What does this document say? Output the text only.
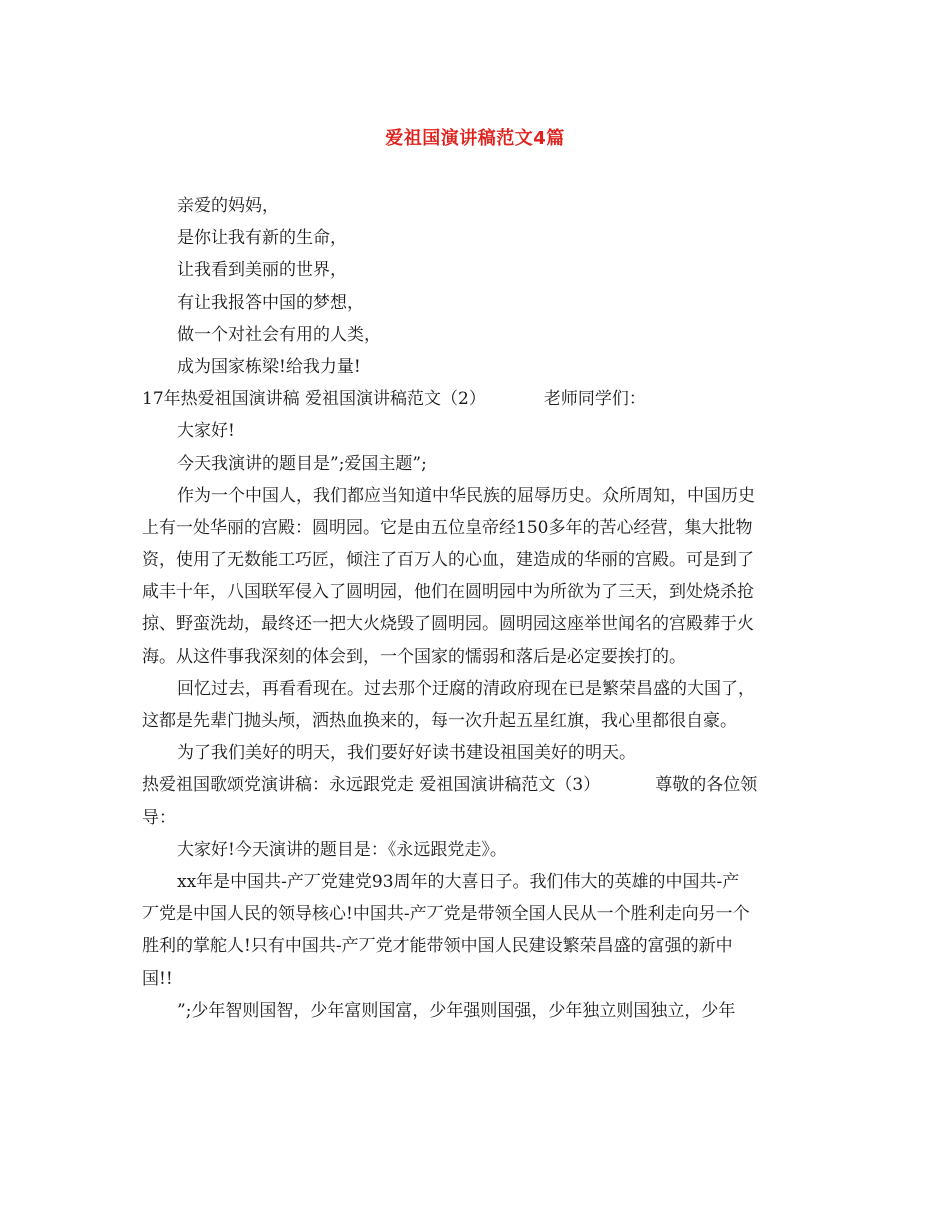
爱祖国演讲稿范文4篇
亲爱的妈妈，
是你让我有新的生命，
让我看到美丽的世界，
有让我报答中国的梦想，
做一个对社会有用的人类，
成为国家栋梁!给我力量!
17年热爱祖国演讲稿 爱祖国演讲稿范文（2）	老师同学们：
大家好!
今天我演讲的题目是”;爱国主题”;
作为一个中国人，我们都应当知道中华民族的屈辱历史。众所周知，中国历史
上有一处华丽的宫殿：圆明园。它是由五位皇帝经150多年的苦心经营，集大批物
资，使用了无数能工巧匠，倾注了百万人的心血，建造成的华丽的宫殿。可是到了
咸丰十年，八国联军侵入了圆明园，他们在圆明园中为所欲为了三天，到处烧杀抢
掠、野蛮洗劫，最终还一把大火烧毁了圆明园。圆明园这座举世闻名的宫殿葬于火
海。从这件事我深刻的体会到，一个国家的懦弱和落后是必定要挨打的。
回忆过去，再看看现在。过去那个迂腐的清政府现在已是繁荣昌盛的大国了，
这都是先辈门抛头颅，洒热血换来的，每一次升起五星红旗，我心里都很自豪。
为了我们美好的明天，我们要好好读书建设祖国美好的明天。
热爱祖国歌颂党演讲稿：永远跟党走 爱祖国演讲稿范文（3）	尊敬的各位领
导：
大家好!今天演讲的题目是：《永远跟党走》。
xx年是中国共-产丆党建党93周年的大喜日子。我们伟大的英雄的中国共-产
丆党是中国人民的领导核心!中国共-产丆党是带领全国人民从一个胜利走向另一个
胜利的掌舵人!只有中国共-产丆党才能带领中国人民建设繁荣昌盛的富强的新中
国!!
”;少年智则国智，少年富则国富，少年强则国强，少年独立则国独立，少年
